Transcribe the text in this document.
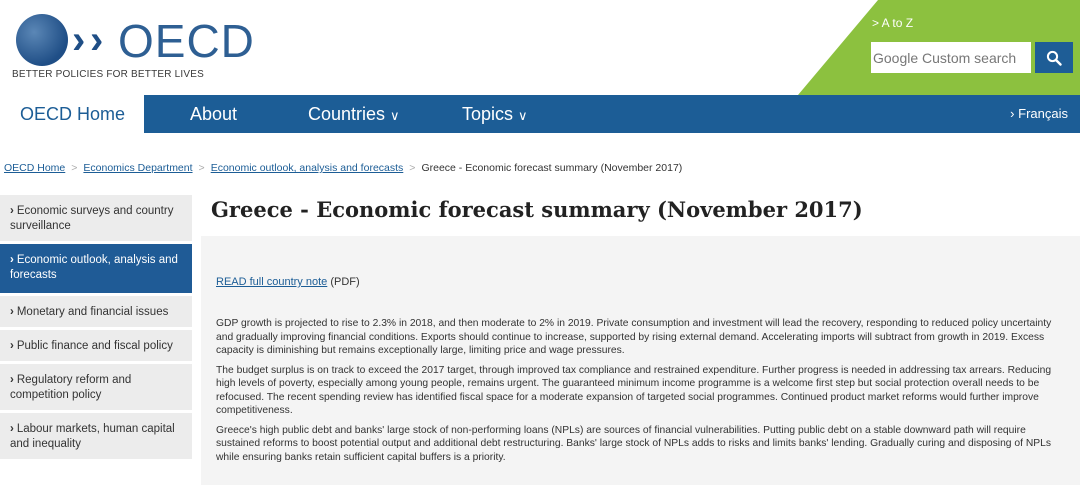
› › OECD
BETTER POLICIES FOR BETTER LIVES
> A to Z
Google Custom search
OECD Home	About	Countries ∨	Topics ∨	› Français
OECD Home > Economics Department > Economic outlook, analysis and forecasts > Greece - Economic forecast summary (November 2017)
› Economic surveys and country surveillance
› Economic outlook, analysis and forecasts
› Monetary and financial issues
› Public finance and fiscal policy
› Regulatory reform and competition policy
› Labour markets, human capital and inequality
Greece - Economic forecast summary (November 2017)
READ full country note (PDF)

GDP growth is projected to rise to 2.3% in 2018, and then moderate to 2% in 2019. Private consumption and investment will lead the recovery, responding to reduced policy uncertainty and gradually improving financial conditions. Exports should continue to increase, supported by rising external demand. Accelerating imports will subtract from growth in 2019. Excess capacity is diminishing but remains exceptionally large, limiting price and wage pressures.

The budget surplus is on track to exceed the 2017 target, through improved tax compliance and restrained expenditure. Further progress is needed in addressing tax arrears. Reducing high levels of poverty, especially among young people, remains urgent. The guaranteed minimum income programme is a welcome first step but social protection overall needs to be refocused. The recent spending review has identified fiscal space for a moderate expansion of targeted social programmes. Continued product market reforms would further improve competitiveness.

Greece's high public debt and banks' large stock of non-performing loans (NPLs) are sources of financial vulnerabilities. Putting public debt on a stable downward path will require sustained reforms to boost potential output and additional debt restructuring. Banks' large stock of NPLs adds to risks and limits banks' lending. Gradually curing and disposing of NPLs while ensuring banks retain sufficient capital buffers is a priority.
